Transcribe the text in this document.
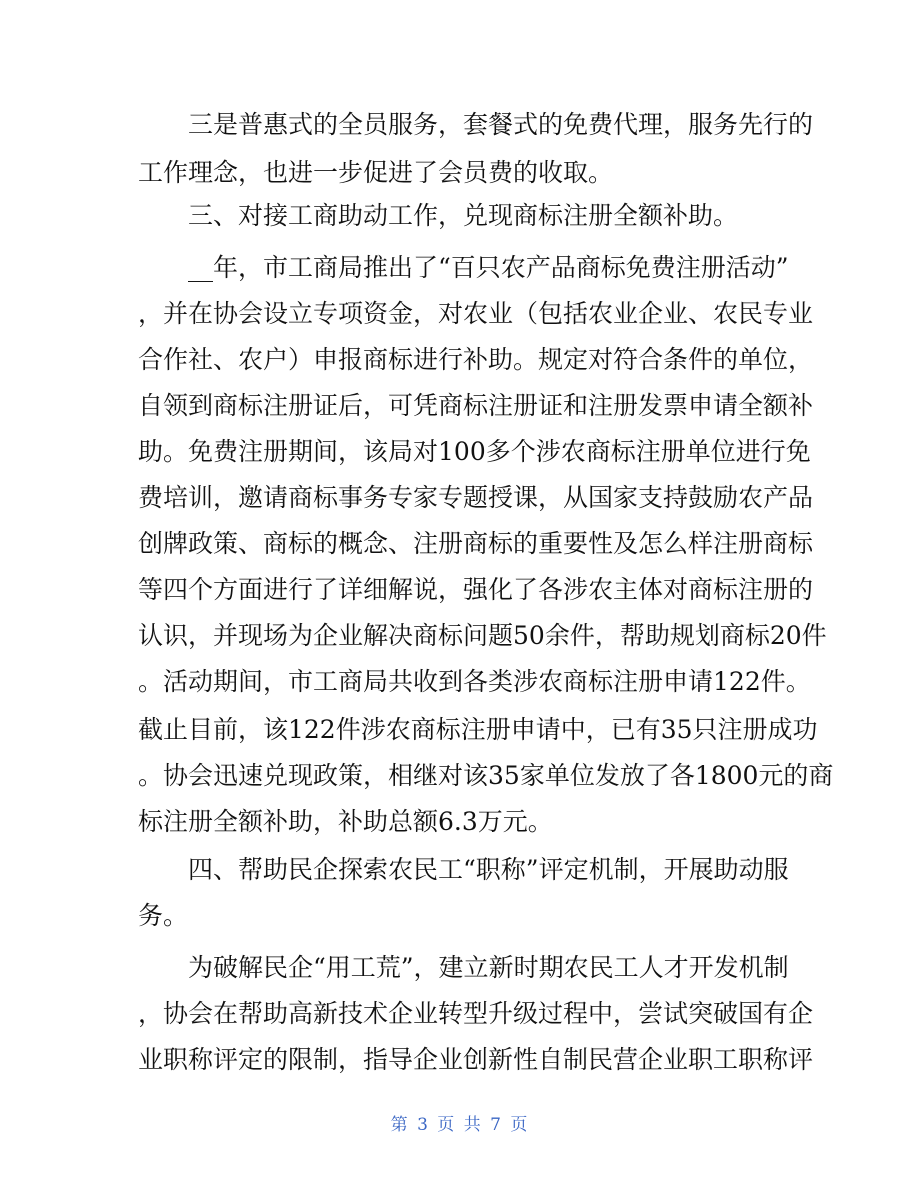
三是普惠式的全员服务，套餐式的免费代理，服务先行的
工作理念，也进一步促进了会员费的收取。
三、对接工商助动工作，兑现商标注册全额补助。
__年，市工商局推出了“百只农产品商标免费注册活动”
，并在协会设立专项资金，对农业（包括农业企业、农民专业
合作社、农户）申报商标进行补助。规定对符合条件的单位，
自领到商标注册证后，可凭商标注册证和注册发票申请全额补
助。免费注册期间，该局对100多个涉农商标注册单位进行免
费培训，邀请商标事务专家专题授课，从国家支持鼓励农产品
创牌政策、商标的概念、注册商标的重要性及怎么样注册商标
等四个方面进行了详细解说，强化了各涉农主体对商标注册的
认识，并现场为企业解决商标问题50余件，帮助规划商标20件
。活动期间，市工商局共收到各类涉农商标注册申请122件。
截止目前，该122件涉农商标注册申请中，已有35只注册成功
。协会迅速兑现政策，相继对该35家单位发放了各1800元的商
标注册全额补助，补助总额6.3万元。
四、帮助民企探索农民工“职称”评定机制，开展助动服
务。
为破解民企“用工荒”，建立新时期农民工人才开发机制
，协会在帮助高新技术企业转型升级过程中，尝试突破国有企
业职称评定的限制，指导企业创新性自制民营企业职工职称评
第 3 页 共 7 页
